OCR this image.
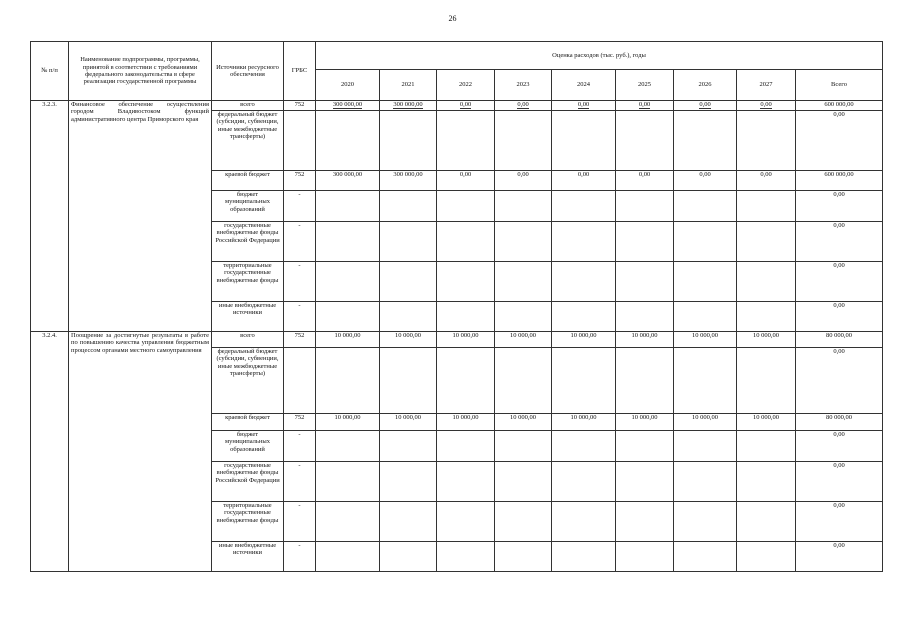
26
№ п/п	Наименование подпрограммы, программы, принятой в соответствии с требованиями федерального законодательства в сфере реализации государственной программы	Источники ресурсного обеспечения	ГРБС	Оценка расходов (тыс. руб.), годы								
				2020	2021	2022	2023	2024	2025	2026	2027	Всего
3.2.3.	Финансовое обеспечение осуществления городом Владивостоком функций административного центра Приморского края	всего	752	300 000,00	300 000,00	0,00	0,00	0,00	0,00	0,00	0,00	600 000,00
		федеральный бюджет (субсидии, субвенции, иные межбюджетные трансферты)										0,00
		краевой бюджет	752	300 000,00	300 000,00	0,00	0,00	0,00	0,00	0,00	0,00	600 000,00
		бюджет муниципальных образований	-									0,00
		государственные внебюджетные фонды Российской Федерации	-									0,00
		территориальные государственные внебюджетные фонды	-									0,00
		иные внебюджетные источники	-									0,00
3.2.4.	Поощрение за достигнутые результаты в работе по повышению качества управления бюджетным процессом органами местного самоуправления	всего	752	10 000,00	10 000,00	10 000,00	10 000,00	10 000,00	10 000,00	10 000,00	10 000,00	80 000,00
		федеральный бюджет (субсидии, субвенции, иные межбюджетные трансферты)										0,00
		краевой бюджет	752	10 000,00	10 000,00	10 000,00	10 000,00	10 000,00	10 000,00	10 000,00	10 000,00	80 000,00
		бюджет муниципальных образований	-									0,00
		государственные внебюджетные фонды Российской Федерации	-									0,00
		территориальные государственные внебюджетные фонды	-									0,00
		иные внебюджетные источники	-									0,00
